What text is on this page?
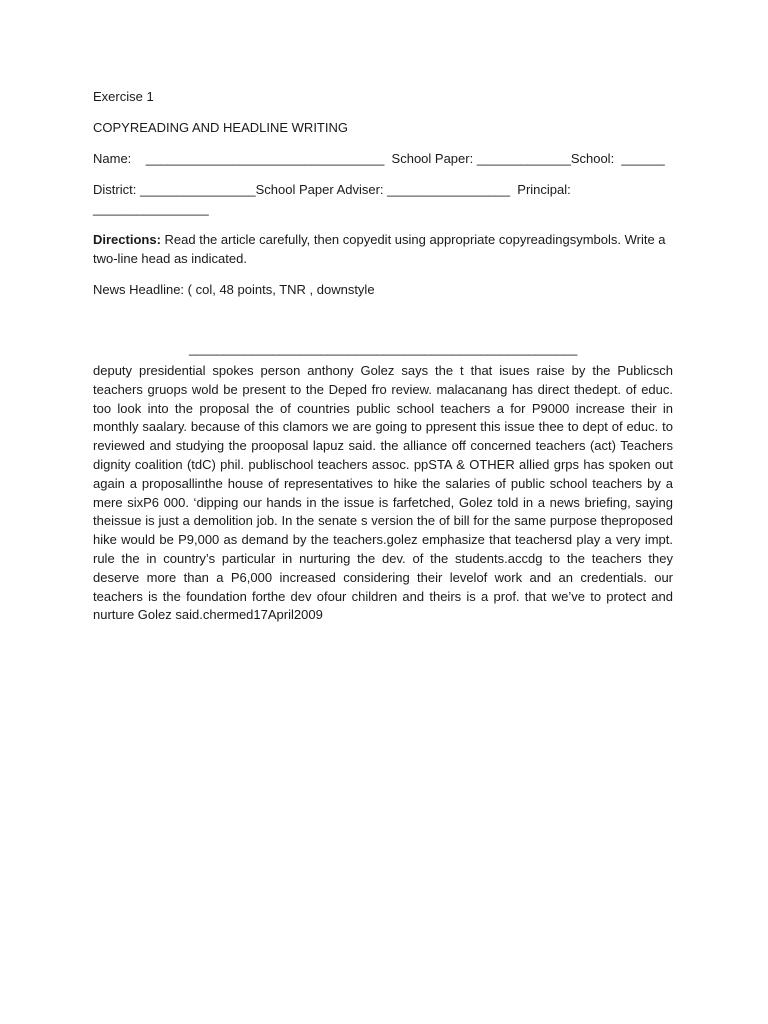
Exercise 1

COPYREADING AND HEADLINE WRITING

Name:    _________________________________  School Paper: _____________School:  ______

District: ________________School Paper Adviser: _________________  Principal: ________________

Directions: Read the article carefully, then copyedit using appropriate copyreadingsymbols. Write a two-line head as indicated.

News Headline: ( col, 48 points, TNR , downstyle

________________________________________________________

deputy presidential spokes person anthony Golez says the t that isues raise by the Publicsch teachers gruops wold be present to the Deped fro review. malacanang has direct thedept. of educ. too look into the proposal the of countries public school teachers a for P9000 increase their in monthly saalary. because of this clamors we are going to ppresent this issue thee to dept of educ. to reviewed and studying the prooposal lapuz said. the alliance off concerned teachers (act) Teachers dignity coalition (tdC) phil. publischool teachers assoc. ppSTA & OTHER allied grps has spoken out again a proposallinthe house of representatives to hike the salaries of public school teachers by a mere sixP6 000. ‘dipping our hands in the issue is farfetched, Golez told in a news briefing, saying theissue is just a demolition job. In the senate s version the of bill for the same purpose theproposed hike would be P9,000 as demand by the teachers.golez emphasize that teachersd play a very impt. rule the in country’s particular in nurturing the dev. of the students.accdg to the teachers they deserve more than a P6,000 increased considering their levelof work and an credentials. our teachers is the foundation forthe dev ofour children and theirs is a prof. that we’ve to protect and nurture Golez said.chermed17April2009
